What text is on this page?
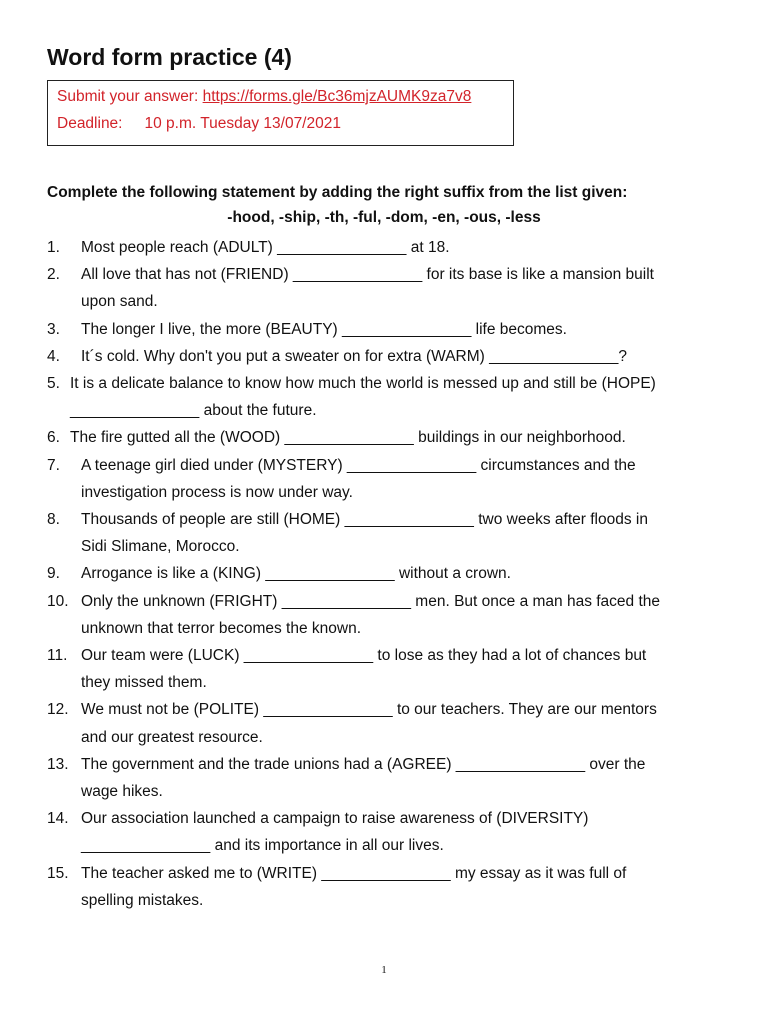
Word form practice (4)
Submit your answer: https://forms.gle/Bc36mjzAUMK9za7v8
Deadline: 10 p.m. Tuesday 13/07/2021
Complete the following statement by adding the right suffix from the list given:
-hood, -ship, -th, -ful, -dom, -en, -ous, -less
1. Most people reach (ADULT) _______________ at 18.
2. All love that has not (FRIEND) _______________ for its base is like a mansion built
upon sand.
3. The longer I live, the more (BEAUTY) _______________ life becomes.
4. It´s cold. Why don't you put a sweater on for extra (WARM) _______________?
5. It is a delicate balance to know how much the world is messed up and still be (HOPE)
_______________ about the future.
6. The fire gutted all the (WOOD) _______________ buildings in our neighborhood.
7. A teenage girl died under (MYSTERY) _______________ circumstances and the
investigation process is now under way.
8. Thousands of people are still (HOME) _______________ two weeks after floods in
Sidi Slimane, Morocco.
9. Arrogance is like a (KING) _______________ without a crown.
10. Only the unknown (FRIGHT) _______________ men. But once a man has faced the
unknown that terror becomes the known.
11. Our team were (LUCK) _______________ to lose as they had a lot of chances but
they missed them.
12. We must not be (POLITE) _______________ to our teachers. They are our mentors
and our greatest resource.
13. The government and the trade unions had a (AGREE) _______________ over the
wage hikes.
14. Our association launched a campaign to raise awareness of (DIVERSITY)
_______________ and its importance in all our lives.
15. The teacher asked me to (WRITE) _______________ my essay as it was full of
spelling mistakes.
1
